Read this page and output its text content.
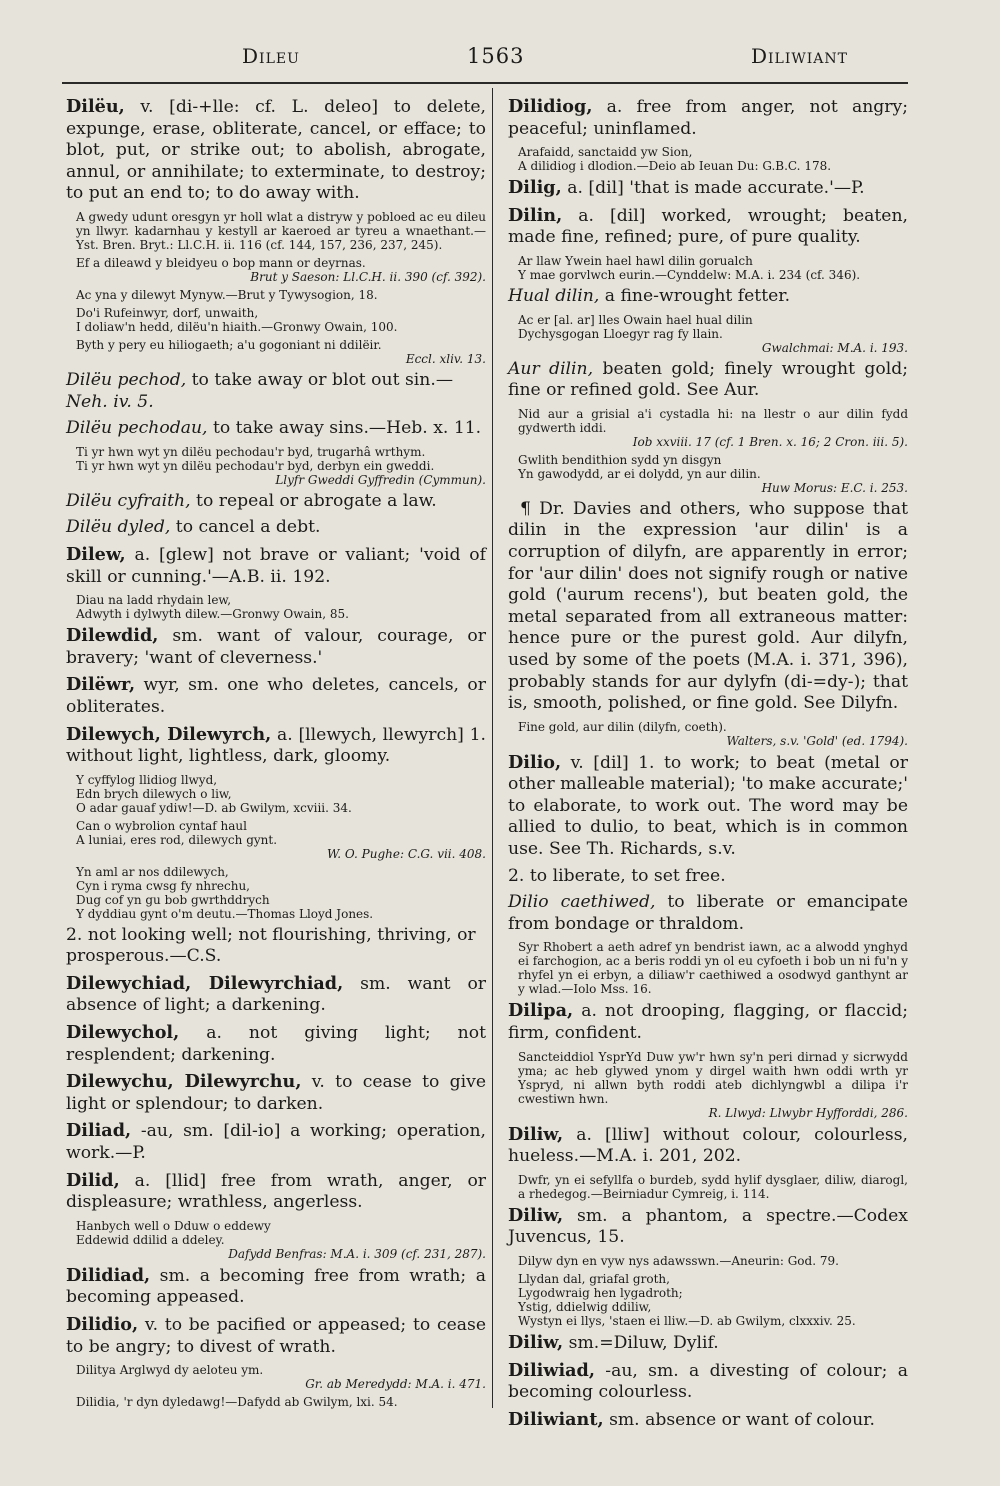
Dileu	1563	Diliwiant

Dilëu, v. [di-+lle: cf. L. deleo] to delete, expunge, erase, obliterate, cancel, or efface; to blot, put, or strike out; to abolish, abrogate, annul, or annihilate; to exterminate, to destroy; to put an end to; to do away with.

A gwedy udunt oresgyn yr holl wlat a distryw y pobloed ac eu dileu yn llwyr. kadarnhau y kestyll ar kaeroed ar tyreu a wnaethant.—Yst. Bren. Bryt.: Ll.C.H. ii. 116 (cf. 144, 157, 236, 237, 245).
Ef a dileawd y bleidyeu o bop mann or deyrnas.
Brut y Saeson: Ll.C.H. ii. 390 (cf. 392).
Ac yna y dilewyt Mynyw.—Brut y Tywysogion, 18.
Do'i Rufeinwyr, dorf, unwaith,
I doliaw'n hedd, dilëu'n hiaith.—Gronwy Owain, 100.
Byth y pery eu hiliogaeth; a'u gogoniant ni ddilëir.
Eccl. xliv. 13.

Dilëu pechod, to take away or blot out sin.—
Neh. iv. 5.

Dilëu pechodau, to take away sins.—Heb. x. 11.

Ti yr hwn wyt yn dilëu pechodau'r byd, trugarhâ wrthym.
Ti yr hwn wyt yn dilëu pechodau'r byd, derbyn ein gweddi.
Llyfr Gweddi Gyffredin (Cymmun).

Dilëu cyfraith, to repeal or abrogate a law.

Dilëu dyled, to cancel a debt.

Dilew, a. [glew] not brave or valiant; 'void of skill or cunning.'—A.B. ii. 192.

Diau na ladd rhydain lew,
Adwyth i dylwyth dilew.—Gronwy Owain, 85.

Dilewdid, sm. want of valour, courage, or bravery; 'want of cleverness.'

Dilëwr, wyr, sm. one who deletes, cancels, or obliterates.

Dilewych, Dilewyrch, a. [llewych, llewyrch] 1. without light, lightless, dark, gloomy.

Y cyffylog llidiog llwyd,
Edn brych dilewych o liw,
O adar gauaf ydiw!—D. ab Gwilym, xcviii. 34.
Can o wybrolion cyntaf haul
A luniai, eres rod, dilewych gynt.
W. O. Pughe: C.G. vii. 408.
Yn aml ar nos ddilewych,
Cyn i ryma cwsg fy nhrechu,
Dug cof yn gu bob gwrthddrych
Y dyddiau gynt o'm deutu.—Thomas Lloyd Jones.

2. not looking well; not flourishing, thriving, or prosperous.—C.S.

Dilewychiad, Dilewyrchiad, sm. want or absence of light; a darkening.

Dilewychol, a. not giving light; not resplendent; darkening.

Dilewychu, Dilewyrchu, v. to cease to give light or splendour; to darken.

Diliad, -au, sm. [dil-io] a working; operation, work.—P.

Dilid, a. [llid] free from wrath, anger, or displeasure; wrathless, angerless.

Hanbych well o Dduw o eddewy
Eddewid ddilid a ddeley.
Dafydd Benfras: M.A. i. 309 (cf. 231, 287).

Dilidiad, sm. a becoming free from wrath; a becoming appeased.

Dilidio, v. to be pacified or appeased; to cease to be angry; to divest of wrath.

Dilitya Arglwyd dy aeloteu ym.
Gr. ab Meredydd: M.A. i. 471.
Dilidia, 'r dyn dyledawg!—Dafydd ab Gwilym, lxi. 54.

Dilidiog, a. free from anger, not angry; peaceful; uninflamed.

Arafaidd, sanctaidd yw Sion,
A dilidiog i dlodion.—Deio ab Ieuan Du: G.B.C. 178.

Dilig, a. [dil] 'that is made accurate.'—P.

Dilin, a. [dil] worked, wrought; beaten, made fine, refined; pure, of pure quality.

Ar llaw Ywein hael hawl dilin gorualch
Y mae gorvlwch eurin.—Cynddelw: M.A. i. 234 (cf. 346).

Hual dilin, a fine-wrought fetter.

Ac er [al. ar] lles Owain hael hual dilin
Dychysgogan Lloegyr rag fy llain.
Gwalchmai: M.A. i. 193.

Aur dilin, beaten gold; finely wrought gold; fine or refined gold. See Aur.

Nid aur a grisial a'i cystadla hi: na llestr o aur dilin fydd gydwerth iddi.
Iob xxviii. 17 (cf. 1 Bren. x. 16; 2 Cron. iii. 5).
Gwlith bendithion sydd yn disgyn
Yn gawodydd, ar ei dolydd, yn aur dilin.
Huw Morus: E.C. i. 253.

¶ Dr. Davies and others, who suppose that dilin in the expression 'aur dilin' is a corruption of dilyfn, are apparently in error; for 'aur dilin' does not signify rough or native gold ('aurum recens'), but beaten gold, the metal separated from all extraneous matter: hence pure or the purest gold. Aur dilyfn, used by some of the poets (M.A. i. 371, 396), probably stands for aur dylyfn (di-=dy-); that is, smooth, polished, or fine gold. See Dilyfn.

Fine gold, aur dilin (dilyfn, coeth).
Walters, s.v. 'Gold' (ed. 1794).

Dilio, v. [dil] 1. to work; to beat (metal or other malleable material); 'to make accurate;' to elaborate, to work out. The word may be allied to dulio, to beat, which is in common use. See Th. Richards, s.v.

2. to liberate, to set free.

Dilio caethiwed, to liberate or emancipate from bondage or thraldom.

Syr Rhobert a aeth adref yn bendrist iawn, ac a alwodd ynghyd ei farchogion, ac a beris roddi yn ol eu cyfoeth i bob un ni fu'n y rhyfel yn ei erbyn, a diliaw'r caethiwed a osodwyd ganthynt ar y wlad.—Iolo Mss. 16.

Dilipa, a. not drooping, flagging, or flaccid; firm, confident.

Sancteiddiol YsprYd Duw yw'r hwn sy'n peri dirnad y sicrwydd yma; ac heb glywed ynom y dirgel waith hwn oddi wrth yr Yspryd, ni allwn byth roddi ateb dichlyngwbl a dilipa i'r cwestiwn hwn.
R. Llwyd: Llwybr Hyfforddi, 286.

Diliw, a. [lliw] without colour, colourless, hueless.—M.A. i. 201, 202.

Dwfr, yn ei sefyllfa o burdeb, sydd hylif dysglaer, diliw, diarogl, a rhedegog.—Beirniadur Cymreig, i. 114.

Diliw, sm. a phantom, a spectre.—Codex Juvencus, 15.

Dilyw dyn en vyw nys adawsswn.—Aneurin: God. 79.
Llydan dal, griafal groth,
Lygodwraig hen lygadroth;
Ystig, ddielwig ddiliw,
Wystyn ei llys, 'staen ei lliw.—D. ab Gwilym, clxxxiv. 25.

Diliw, sm.=Diluw, Dylif.

Diliwiad, -au, sm. a divesting of colour; a becoming colourless.

Diliwiant, sm. absence or want of colour.
